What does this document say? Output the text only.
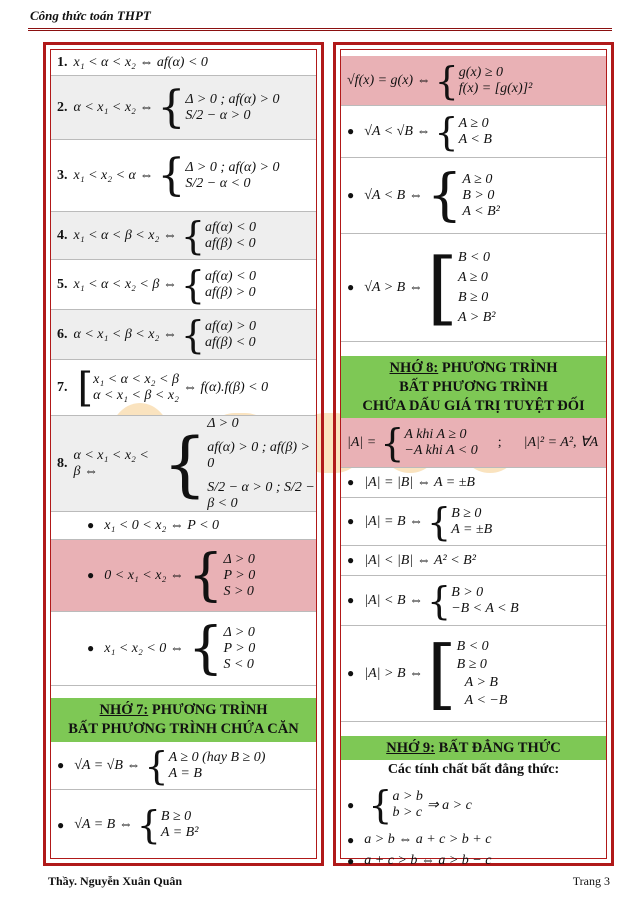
Công thức toán THPT
1. x₁ < α < x₂ ⇔ af(α) < 0
2. α < x₁ < x₂ ⇔ { Δ > 0 ; af(α) > 0
S/2 − α > 0
3. x₁ < x₂ < α ⇔ { Δ > 0 ; af(α) > 0
S/2 − α < 0
4. x₁ < α < β < x₂ ⇔ { af(α) < 0
af(β) < 0
5. x₁ < α < x₂ < β ⇔ { af(α) < 0
af(β) > 0
6. α < x₁ < β < x₂ ⇔ { af(α) > 0
af(β) < 0
7. [ x₁ < α < x₂ < β
α < x₁ < β < x₂
⇔ f(α).f(β) < 0
8.
α < x₁ < x₂ < β ⇔ { Δ > 0
af(α) > 0 ; af(β) > 0
S/2 − α > 0 ; S/2 − β < 0
● x₁ < 0 < x₂ ⇔ P < 0
● 0 < x₁ < x₂ ⇔ { Δ > 0
P > 0
S > 0
● x₁ < x₂ < 0 ⇔ { Δ > 0
P > 0
S < 0
NHỚ 7: PHƯƠNG TRÌNH
BẤT PHƯƠNG TRÌNH CHỨA CĂN
● √A = √B ⇔ { A ≥ 0 (hay B ≥ 0)
A = B
● √A = B ⇔ { B ≥ 0
A = B²
√f(x) = g(x) ⇔ { g(x) ≥ 0
f(x) = [g(x)]²
● √A < √B ⇔ { A ≥ 0
A < B
● √A < B ⇔ { A ≥ 0
B > 0
A < B²
● √A > B ⇔ [ B < 0
A ≥ 0
B ≥ 0
A > B²
NHỚ 8: PHƯƠNG TRÌNH
BẤT PHƯƠNG TRÌNH
CHỨA DẤU GIÁ TRỊ TUYỆT ĐỐI
|A| = { A khi A ≥ 0
−A khi A < 0
; |A|² = A², ∀A
● |A| = |B| ⇔ A = ±B
● |A| = B ⇔ { B ≥ 0
A = ±B
● |A| < |B| ⇔ A² < B²
● |A| < B ⇔ { B > 0
−B < A < B
● |A| > B ⇔ [ B < 0
B ≥ 0
A > B
A < −B
NHỚ 9: BẤT ĐẲNG THỨC
Các tính chất bất đẳng thức:
● { a > b
b > c ⇒ a > c
● a > b ⇔ a + c > b + c
● a + c > b ⇔ a > b − c
Thầy. Nguyễn Xuân Quân	Trang 3
